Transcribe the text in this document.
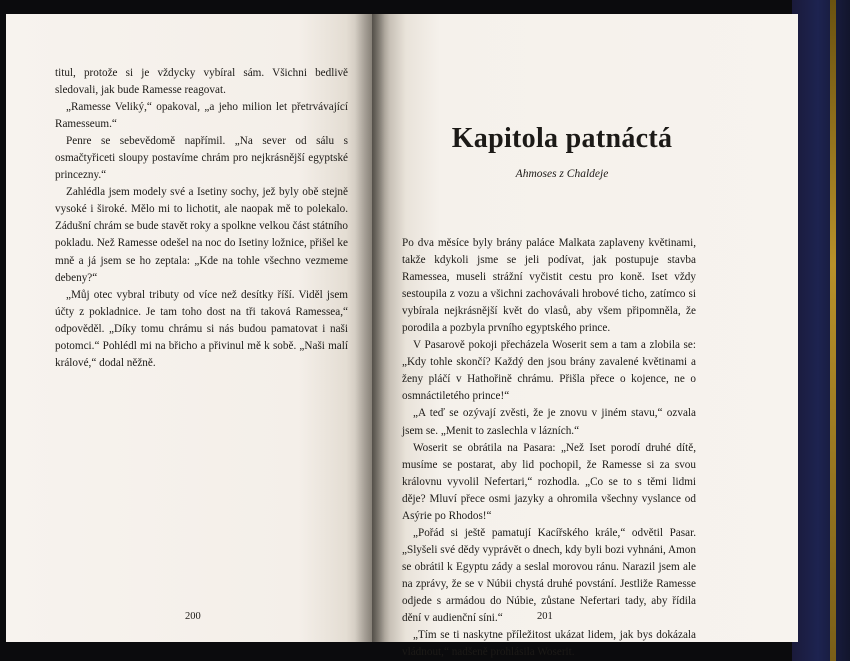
titul, protože si je vždycky vybíral sám. Všichni bedlivě sledovali, jak bude Ramesse reagovat.

„Ramesse Veliký,“ opakoval, „a jeho milion let přetrvávající Ramesseum.“

Penre se sebevědomě napřímil. „Na sever od sálu s osmačtyřiceti sloupy postavíme chrám pro nejkrásnější egyptské princezny.“

Zahlédla jsem modely své a Isetiny sochy, jež byly obě stejně vysoké i široké. Mělo mi to lichotit, ale naopak mě to polekalo. Zádušní chrám se bude stavět roky a spolkne velkou část státního pokladu. Než Ramesse odešel na noc do Isetiny ložnice, přišel ke mně a já jsem se ho zeptala: „Kde na tohle všechno vezmeme debeny?“

„Můj otec vybral tributy od více než desítky říší. Viděl jsem účty z pokladnice. Je tam toho dost na tři taková Ramessea,“ odpověděl. „Díky tomu chrámu si nás budou pamatovat i naši potomci.“ Pohlédl mi na břicho a přivinul mě k sobě. „Naši malí králové,“ dodal něžně.

200
Kapitola patnáctá

Ahmoses z Chaldeje

Po dva měsíce byly brány paláce Malkata zaplaveny květinami, takže kdykoli jsme se jeli podívat, jak postupuje stavba Ramessea, museli strážní vyčistit cestu pro koně. Iset vždy sestoupila z vozu a všichni zachovávali hrobové ticho, zatímco si vybírala nejkrásnější květ do vlasů, aby všem připomněla, že porodila a pozbyla prvního egyptského prince.

V Pasarově pokoji přecházela Woserit sem a tam a zlobila se: „Kdy tohle skončí? Každý den jsou brány zavalené květinami a ženy pláčí v Hathořině chrámu. Přišla přece o kojence, ne o osmnáctiletého prince!“

„A teď se ozývají zvěsti, že je znovu v jiném stavu,“ ozvala jsem se. „Menit to zaslechla v lázních.“

Woserit se obrátila na Pasara: „Než Iset porodí druhé dítě, musíme se postarat, aby lid pochopil, že Ramesse si za svou královnu vyvolil Nefertari,“ rozhodla. „Co se to s těmi lidmi děje? Mluví přece osmi jazyky a ohromila všechny vyslance od Asýrie po Rhodos!“

„Pořád si ještě pamatují Kacířského krále,“ odvětil Pasar. „Slyšeli své dědy vyprávět o dnech, kdy byli bozi vyhnáni, Amon se obrátil k Egyptu zády a seslal morovou ránu. Narazil jsem ale na zprávy, že se v Núbii chystá druhé povstání. Jestliže Ramesse odjede s armádou do Núbie, zůstane Nefertari tady, aby řídila dění v audienční síni.“

„Tím se ti naskytne příležitost ukázat lidem, jak bys dokázala vládnout,“ nadšeně prohlásila Woserit.

201
